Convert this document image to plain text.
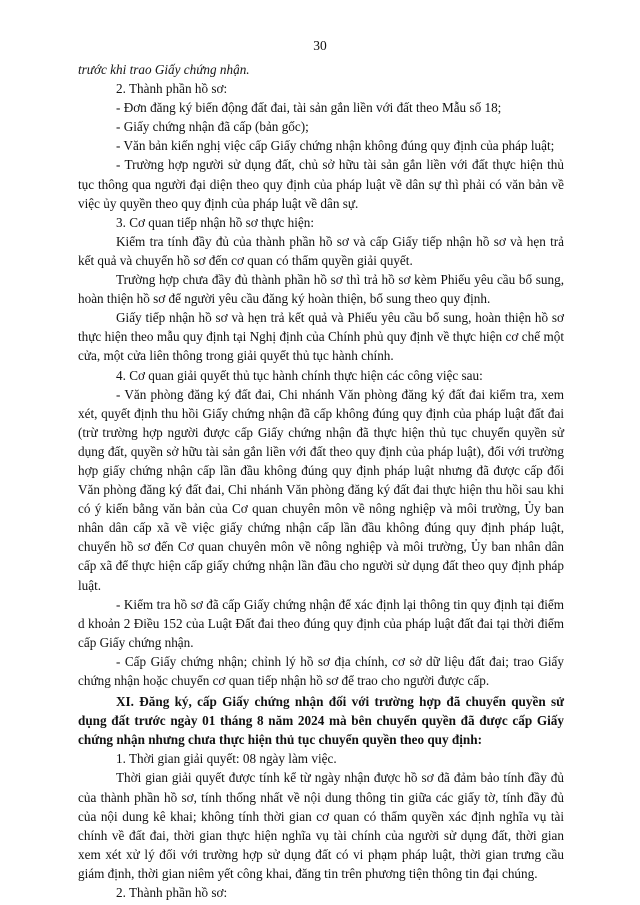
30

trước khi trao Giấy chứng nhận.

2. Thành phần hồ sơ:

- Đơn đăng ký biến động đất đai, tài sản gắn liền với đất theo Mẫu số 18;

- Giấy chứng nhận đã cấp (bản gốc);

- Văn bản kiến nghị việc cấp Giấy chứng nhận không đúng quy định của pháp luật;

- Trường hợp người sử dụng đất, chủ sở hữu tài sản gắn liền với đất thực hiện thủ tục thông qua người đại diện theo quy định của pháp luật về dân sự thì phải có văn bản về việc ủy quyền theo quy định của pháp luật về dân sự.

3. Cơ quan tiếp nhận hồ sơ thực hiện:

Kiểm tra tính đầy đủ của thành phần hồ sơ và cấp Giấy tiếp nhận hồ sơ và hẹn trả kết quả và chuyển hồ sơ đến cơ quan có thẩm quyền giải quyết.

Trường hợp chưa đầy đủ thành phần hồ sơ thì trả hồ sơ kèm Phiếu yêu cầu bổ sung, hoàn thiện hồ sơ để người yêu cầu đăng ký hoàn thiện, bổ sung theo quy định.

Giấy tiếp nhận hồ sơ và hẹn trả kết quả và Phiếu yêu cầu bổ sung, hoàn thiện hồ sơ thực hiện theo mẫu quy định tại Nghị định của Chính phủ quy định về thực hiện cơ chế một cửa, một cửa liên thông trong giải quyết thủ tục hành chính.

4. Cơ quan giải quyết thủ tục hành chính thực hiện các công việc sau:

- Văn phòng đăng ký đất đai, Chi nhánh Văn phòng đăng ký đất đai kiểm tra, xem xét, quyết định thu hồi Giấy chứng nhận đã cấp không đúng quy định của pháp luật đất đai (trừ trường hợp người được cấp Giấy chứng nhận đã thực hiện thủ tục chuyển quyền sử dụng đất, quyền sở hữu tài sản gắn liền với đất theo quy định của pháp luật), đối với trường hợp giấy chứng nhận cấp lần đầu không đúng quy định pháp luật nhưng đã được cấp đổi Văn phòng đăng ký đất đai, Chi nhánh Văn phòng đăng ký đất đai thực hiện thu hồi sau khi có ý kiến bằng văn bản của Cơ quan chuyên môn về nông nghiệp và môi trường, Ủy ban nhân dân cấp xã về việc giấy chứng nhận cấp lần đầu không đúng quy định pháp luật, chuyển hồ sơ đến Cơ quan chuyên môn về nông nghiệp và môi trường, Ủy ban nhân dân cấp xã để thực hiện cấp giấy chứng nhận lần đầu cho người sử dụng đất theo quy định pháp luật.

- Kiểm tra hồ sơ đã cấp Giấy chứng nhận để xác định lại thông tin quy định tại điểm d khoản 2 Điều 152 của Luật Đất đai theo đúng quy định của pháp luật đất đai tại thời điểm cấp Giấy chứng nhận.

- Cấp Giấy chứng nhận; chỉnh lý hồ sơ địa chính, cơ sở dữ liệu đất đai; trao Giấy chứng nhận hoặc chuyển cơ quan tiếp nhận hồ sơ để trao cho người được cấp.

XI. Đăng ký, cấp Giấy chứng nhận đối với trường hợp đã chuyển quyền sử dụng đất trước ngày 01 tháng 8 năm 2024 mà bên chuyển quyền đã được cấp Giấy chứng nhận nhưng chưa thực hiện thủ tục chuyển quyền theo quy định:

1. Thời gian giải quyết: 08 ngày làm việc.

Thời gian giải quyết được tính kể từ ngày nhận được hồ sơ đã đảm bảo tính đầy đủ của thành phần hồ sơ, tính thống nhất về nội dung thông tin giữa các giấy tờ, tính đầy đủ của nội dung kê khai; không tính thời gian cơ quan có thẩm quyền xác định nghĩa vụ tài chính về đất đai, thời gian thực hiện nghĩa vụ tài chính của người sử dụng đất, thời gian xem xét xử lý đối với trường hợp sử dụng đất có vi phạm pháp luật, thời gian trưng cầu giám định, thời gian niêm yết công khai, đăng tin trên phương tiện thông tin đại chúng.

2. Thành phần hồ sơ:
